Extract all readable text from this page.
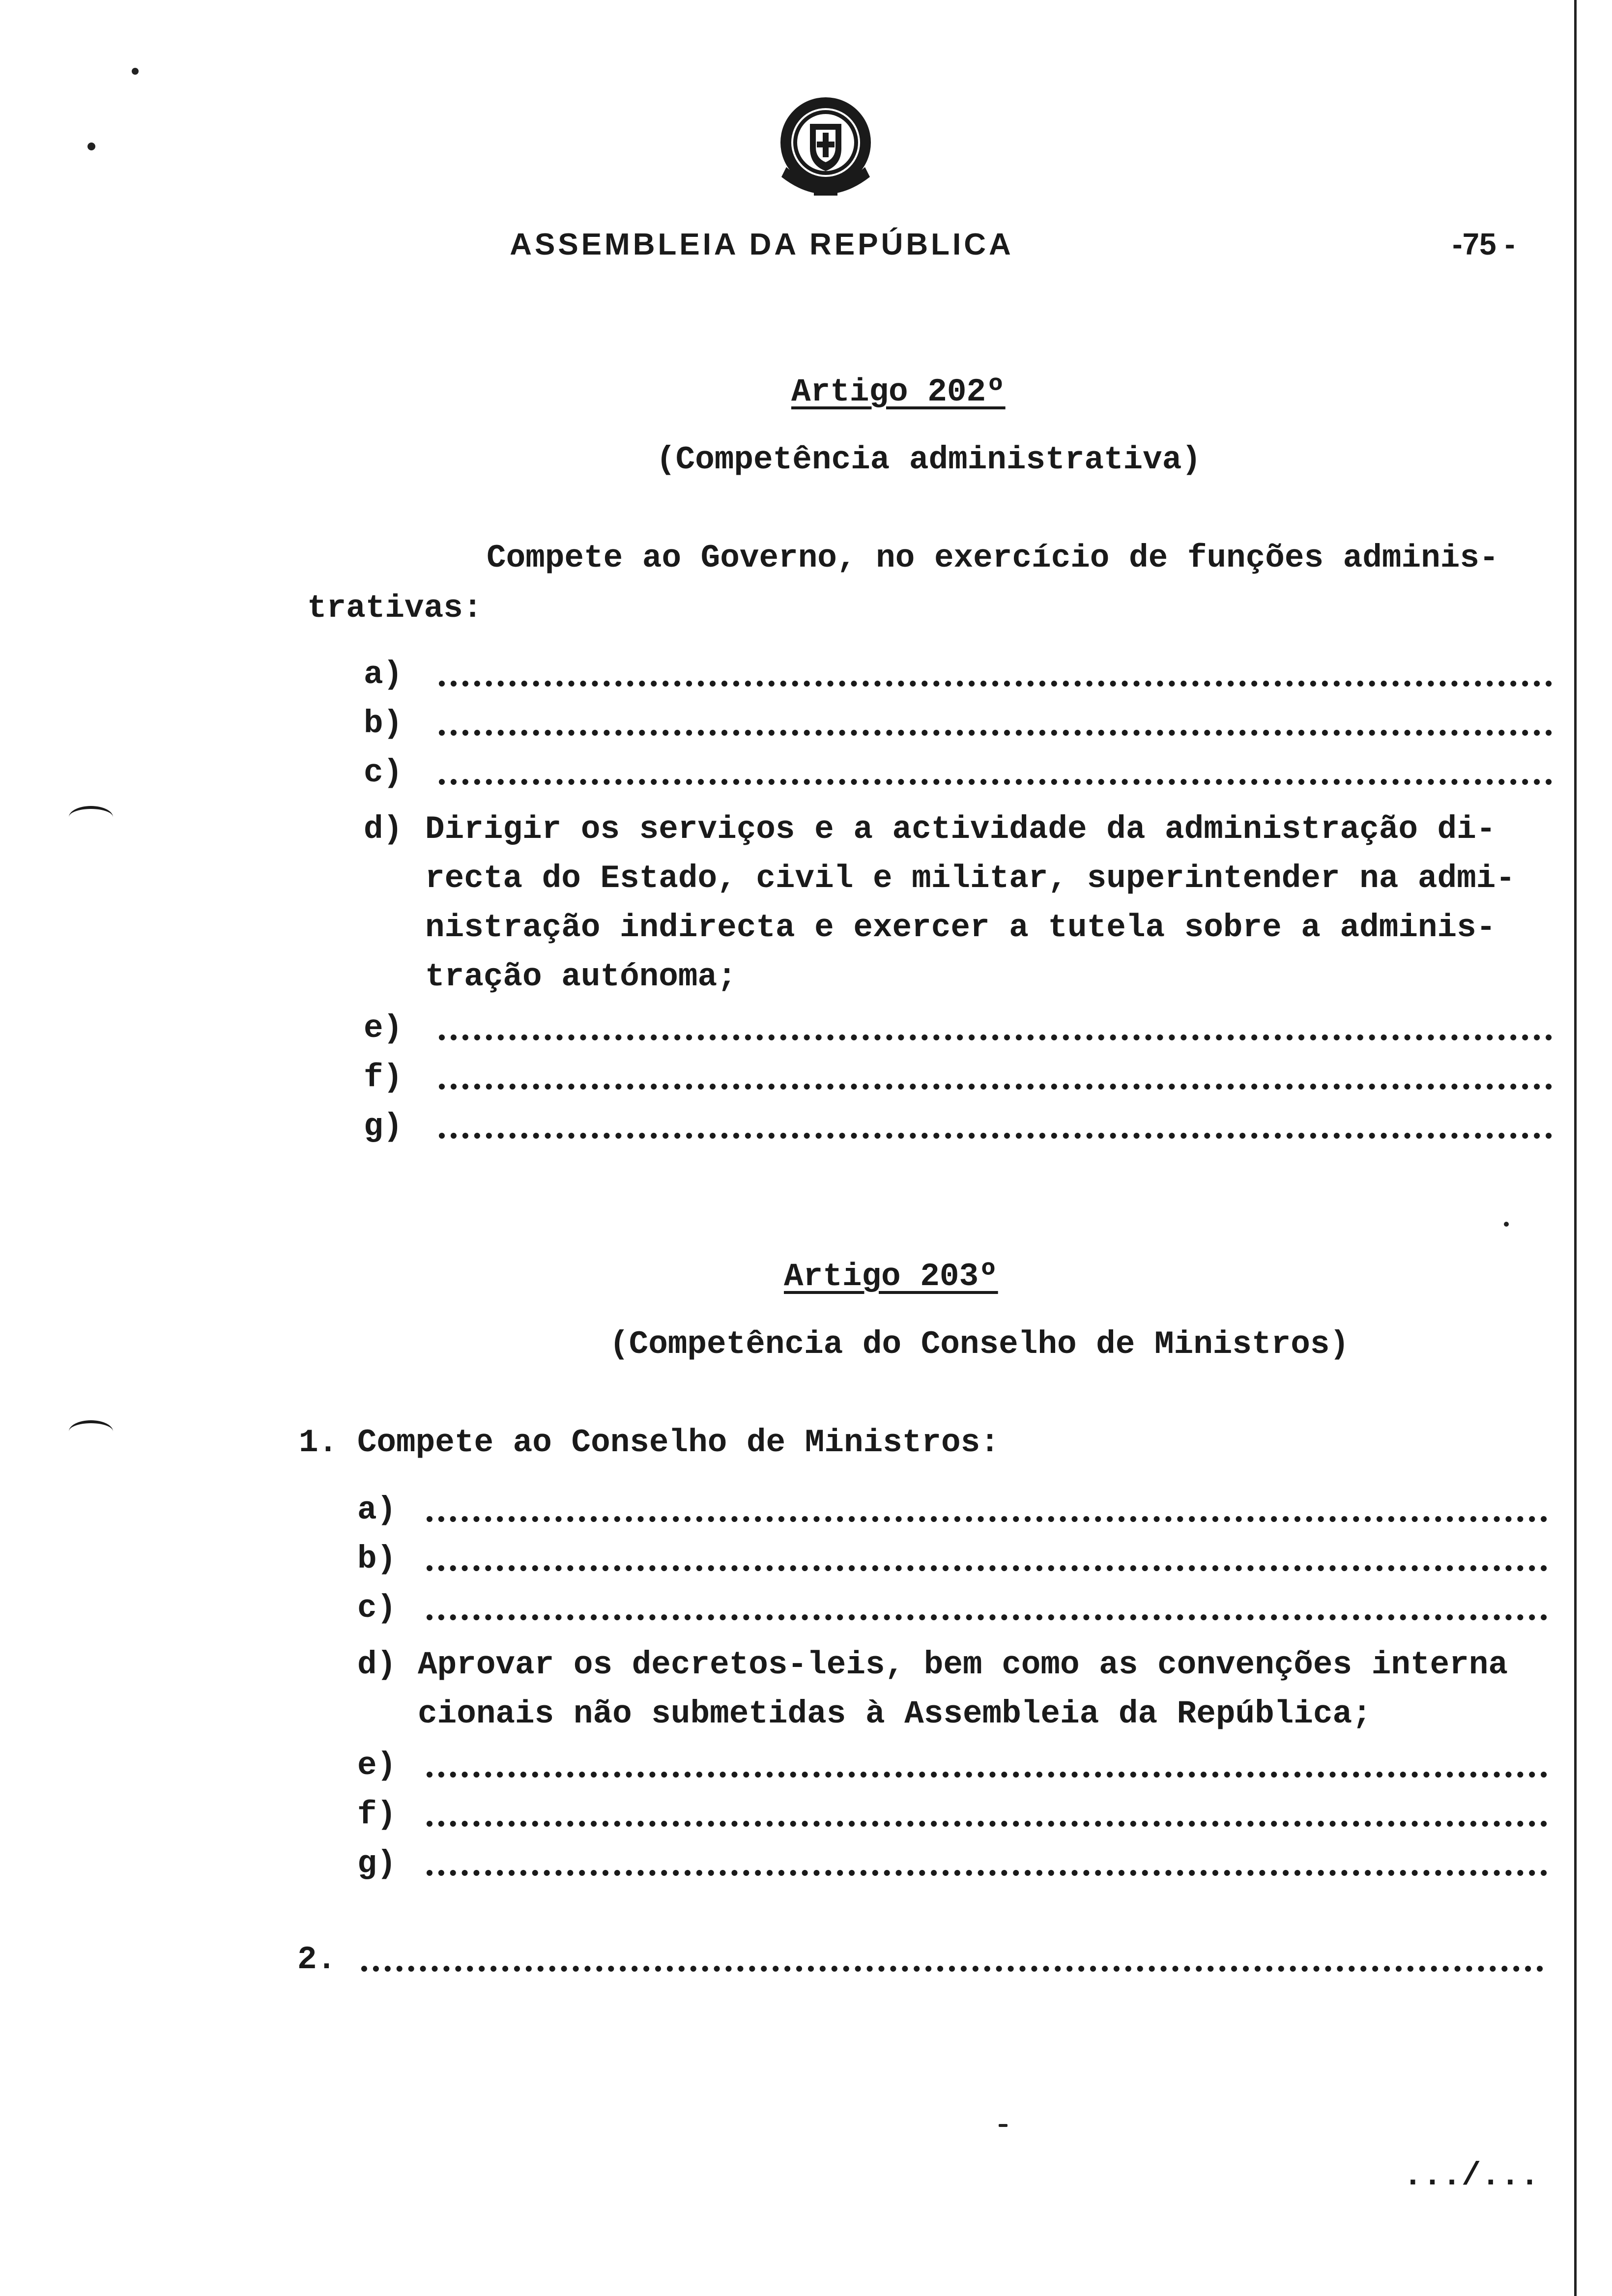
ASSEMBLEIA DA REPÚBLICA	-75 -
Artigo 202º
(Competência administrativa)
Compete ao Governo, no exercício de funções adminis-
trativas:
a)
b)
c)
d) Dirigir os serviços e a actividade da administração di-
recta do Estado, civil e militar, superintender na admi-
nistração indirecta e exercer a tutela sobre a adminis-
tração autónoma;
e)
f)
g)
Artigo 203º
(Competência do Conselho de Ministros)
1. Compete ao Conselho de Ministros:
a)
b)
c)
d) Aprovar os decretos-leis, bem como as convenções interna
cionais não submetidas à Assembleia da República;
e)
f)
g)
2.
.../...
